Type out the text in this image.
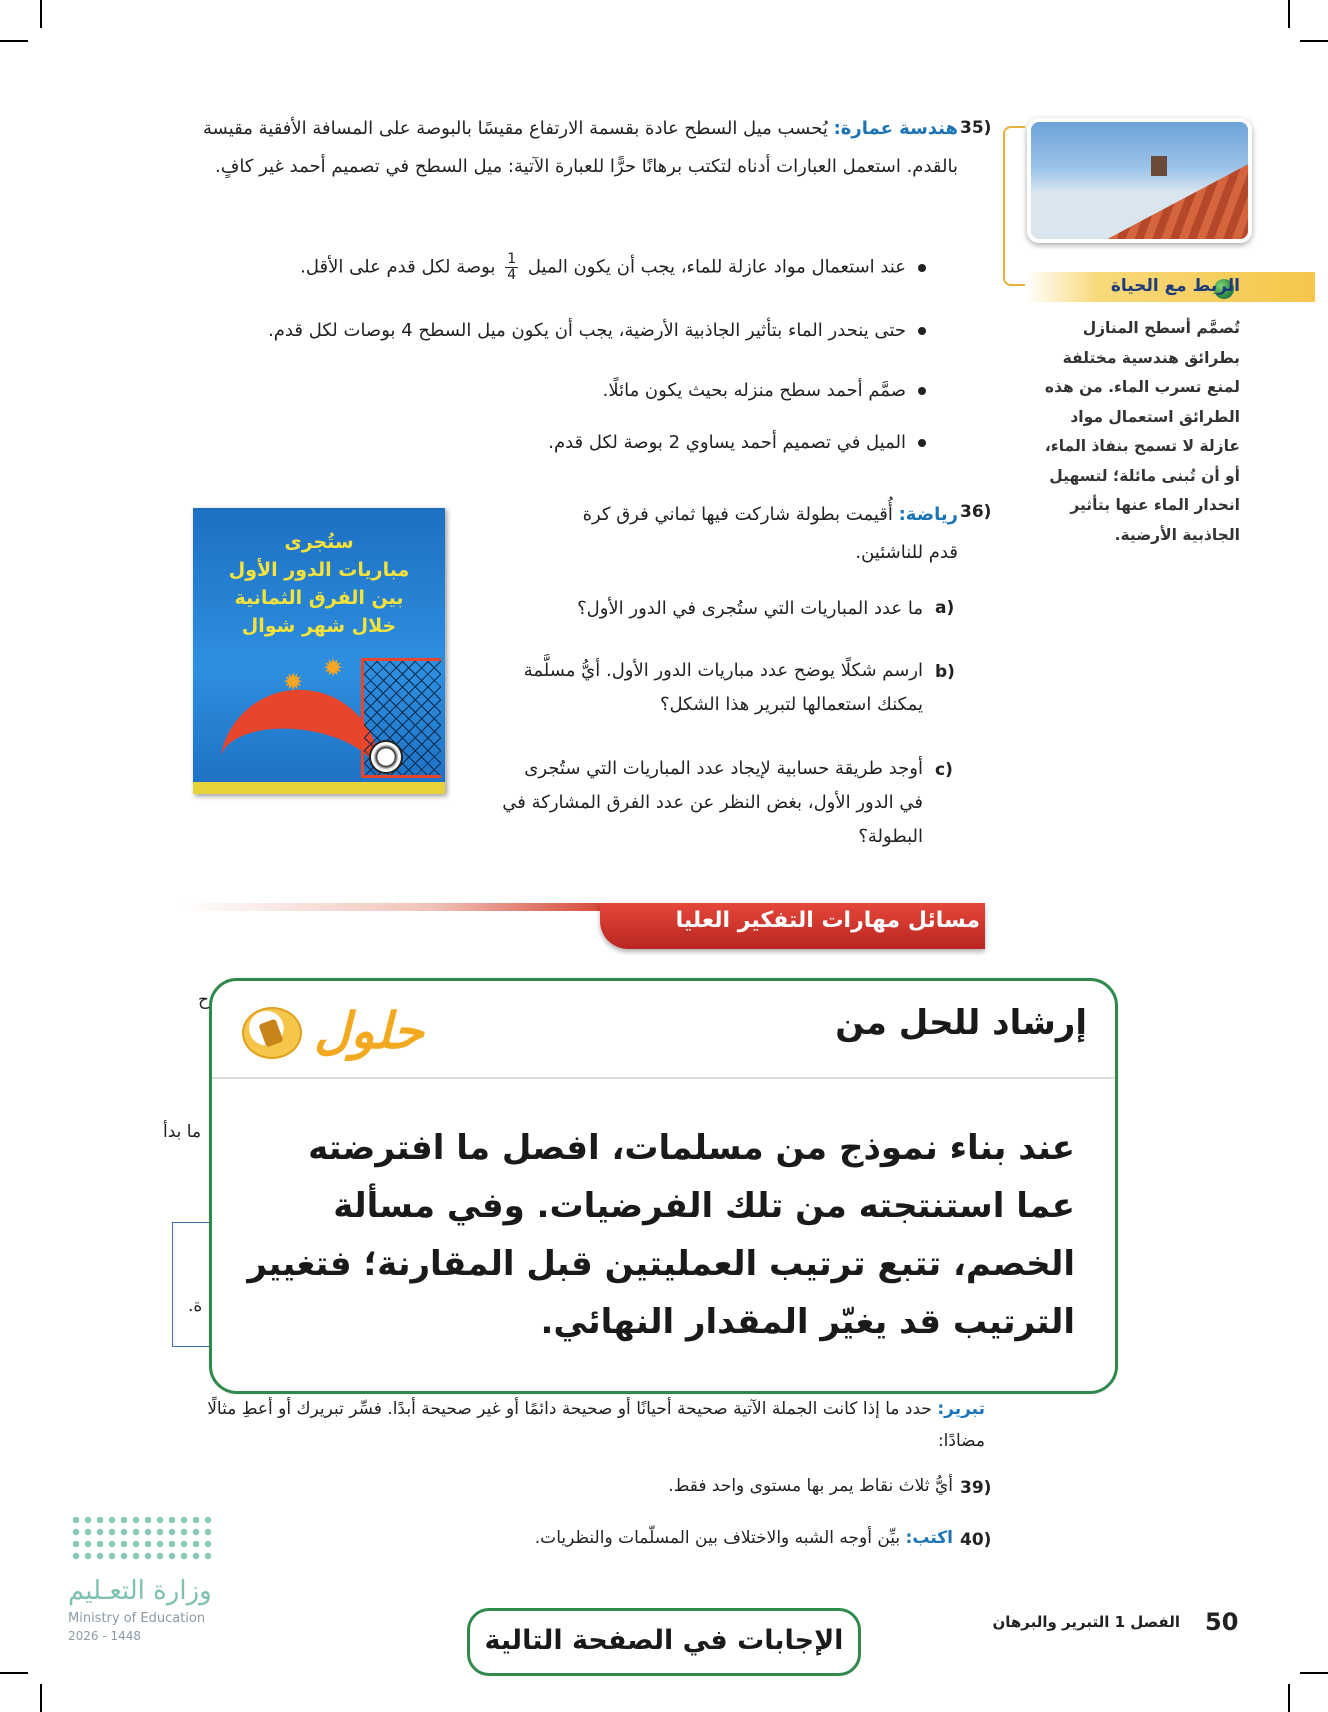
الربط مع الحياة
تُصمَّم أسطح المنازل بطرائق هندسية مختلفة لمنع تسرب الماء. من هذه الطرائق استعمال مواد عازلة لا تسمح بنفاذ الماء، أو أن تُبنى مائلة؛ لتسهيل انحدار الماء عنها بتأثير الجاذبية الأرضية.
35)
هندسة عمارة: يُحسب ميل السطح عادة بقسمة الارتفاع مقيسًا بالبوصة على المسافة الأفقية مقيسة بالقدم. استعمل العبارات أدناه لتكتب برهانًا حرًّا للعبارة الآتية: ميل السطح في تصميم أحمد غير كافٍ.
عند استعمال مواد عازلة للماء، يجب أن يكون الميل
$\frac{1}{4}$
بوصة لكل قدم على الأقل.
حتى ينحدر الماء بتأثير الجاذبية الأرضية، يجب أن يكون ميل السطح 4 بوصات لكل قدم.
صمَّم أحمد سطح منزله بحيث يكون مائلًا.
الميل في تصميم أحمد يساوي 2 بوصة لكل قدم.
36)
رياضة: أُقيمت بطولة شاركت فيها ثماني فرق كرة قدم للناشئين.
a)
ما عدد المباريات التي ستُجرى في الدور الأول؟
b)
ارسم شكلًا يوضح عدد مباريات الدور الأول. أيُّ مسلَّمة يمكنك استعمالها لتبرير هذا الشكل؟
c)
أوجد طريقة حسابية لإيجاد عدد المباريات التي ستُجرى في الدور الأول، بغض النظر عن عدد الفرق المشاركة في البطولة؟
ستُجرى
مباريات الدور الأول
بين الفرق الثمانية
خلال شهر شوال
✹ ✹
مسائل مهارات التفكير العليا
ح
ما بدأ
ة.
تبرير: حدد ما إذا كانت الجملة الآتية صحيحة أحيانًا أو صحيحة دائمًا أو غير صحيحة أبدًا. فسِّر تبريرك أو أعطِ مثالًا مضادًا:
39)
أيُّ ثلاث نقاط يمر بها مستوى واحد فقط.
40)
اكتب: بيِّن أوجه الشبه والاختلاف بين المسلّمات والنظريات.
إرشاد للحل من
حلول
عند بناء نموذج من مسلمات، افصل ما افترضته عما استنتجته من تلك الفرضيات. وفي مسألة الخصم، تتبع ترتيب العمليتين قبل المقارنة؛ فتغيير الترتيب قد يغيّر المقدار النهائي.
وزارة التعـليم
Ministry of Education
2026 - 1448	الإجابات في الصفحة التالية
الفصل 1 التبرير والبرهان 50
